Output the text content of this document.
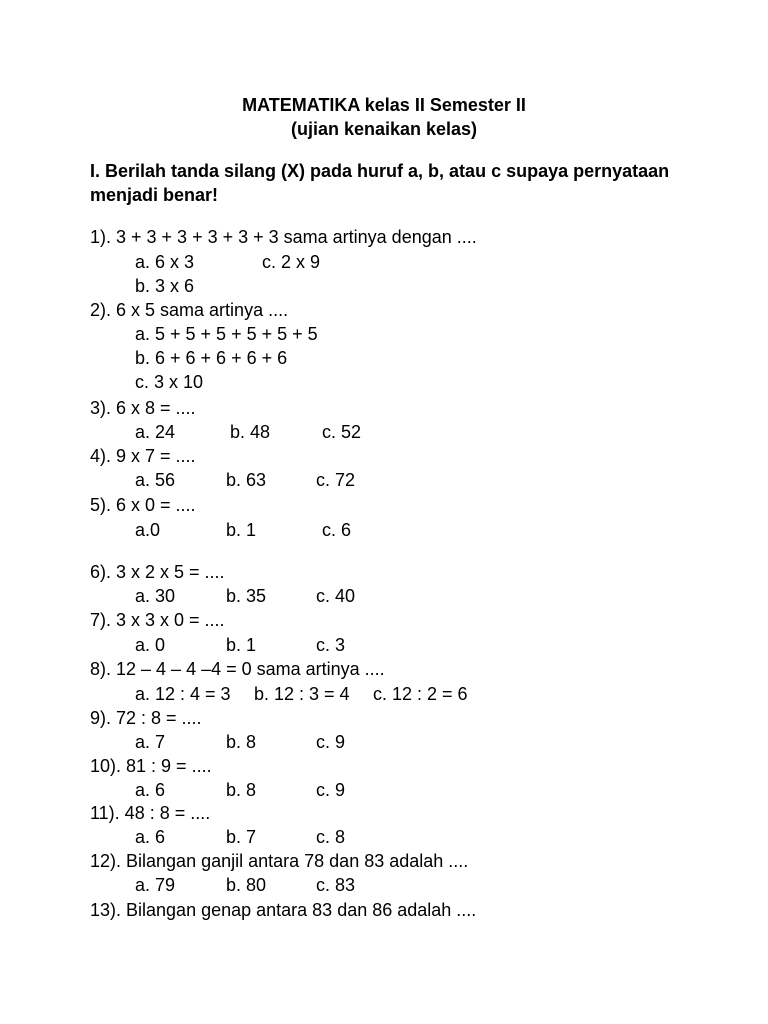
MATEMATIKA kelas II Semester II
(ujian kenaikan kelas)
I. Berilah tanda silang (X) pada huruf a, b, atau c supaya pernyataan menjadi benar!
1). 3 + 3 + 3 + 3 + 3 + 3 sama artinya dengan ....
a. 6 x 3	c. 2 x 9
b. 3 x 6
2). 6 x 5 sama artinya ....
a. 5 + 5 + 5 + 5 + 5 + 5
b. 6 + 6 + 6 + 6 + 6
c. 3 x 10
3). 6 x 8 = ....
a. 24	b. 48	c. 52
4). 9 x 7 = ....
a. 56	b. 63	c. 72
5). 6 x 0 = ....
a.0	b. 1	c. 6
6). 3 x 2 x 5 = ....
a. 30	b. 35	c. 40
7). 3 x 3 x 0 = ....
a. 0	b. 1	c. 3
8). 12 – 4 – 4 –4 = 0 sama artinya ....
a. 12 : 4 = 3 b. 12 : 3 = 4 c. 12 : 2 = 6
9). 72 : 8 = ....
a. 7	b. 8	c. 9
10). 81 : 9 = ....
a. 6	b. 8	c. 9
11). 48 : 8 = ....
a. 6	b. 7	c. 8
12). Bilangan ganjil antara 78 dan 83 adalah ....
a. 79	b. 80	c. 83
13). Bilangan genap antara 83 dan 86 adalah ....
